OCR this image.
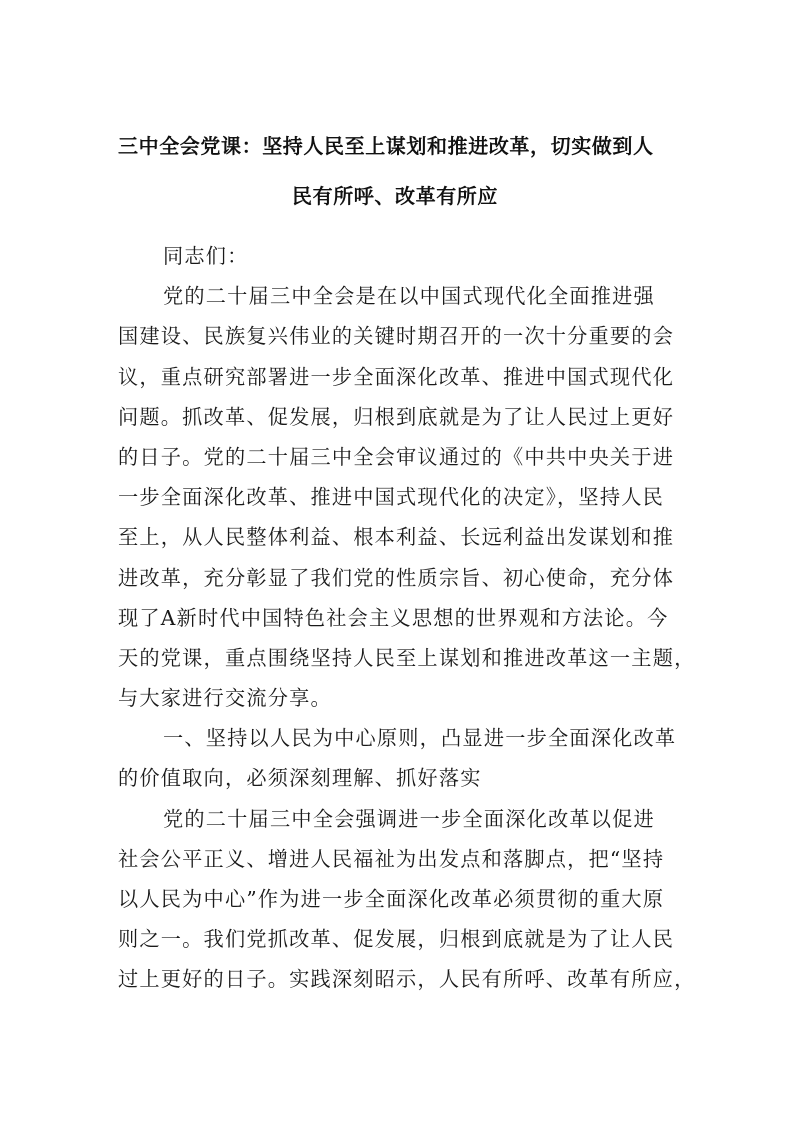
三中全会党课：坚持人民至上谋划和推进改革，切实做到人
民有所呼、改革有所应
同志们：
党的二十届三中全会是在以中国式现代化全面推进强
国建设、民族复兴伟业的关键时期召开的一次十分重要的会
议，重点研究部署进一步全面深化改革、推进中国式现代化
问题。抓改革、促发展，归根到底就是为了让人民过上更好
的日子。党的二十届三中全会审议通过的《中共中央关于进
一步全面深化改革、推进中国式现代化的决定》，坚持人民
至上，从人民整体利益、根本利益、长远利益出发谋划和推
进改革，充分彰显了我们党的性质宗旨、初心使命，充分体
现了A新时代中国特色社会主义思想的世界观和方法论。今
天的党课，重点围绕坚持人民至上谋划和推进改革这一主题，
与大家进行交流分享。
一、坚持以人民为中心原则，凸显进一步全面深化改革
的价值取向，必须深刻理解、抓好落实
党的二十届三中全会强调进一步全面深化改革以促进
社会公平正义、增进人民福祉为出发点和落脚点，把“坚持
以人民为中心”作为进一步全面深化改革必须贯彻的重大原
则之一。我们党抓改革、促发展，归根到底就是为了让人民
过上更好的日子。实践深刻昭示，人民有所呼、改革有所应，
